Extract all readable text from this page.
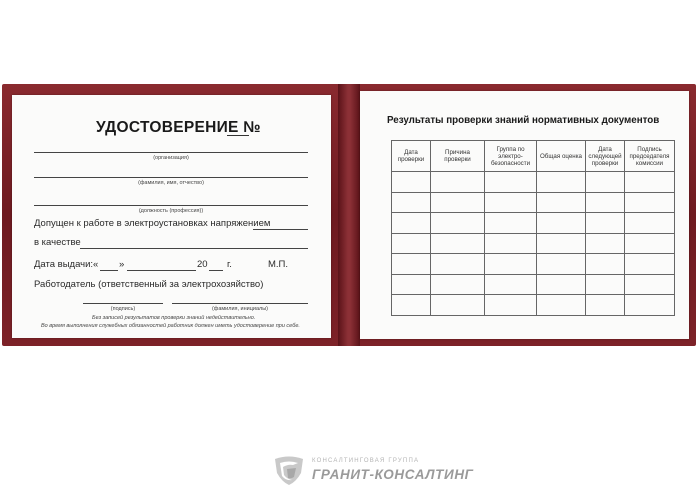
УДОСТОВЕРЕНИЕ №
(организация)
(фамилия, имя, отчество)
(должность (профессия))
Допущен к работе в электроустановках напряжением
в качестве
Дата выдачи: « »	20 г.	М.П.
Работодатель (ответственный за электрохозяйство)
(подпись)	(фамилия, инициалы)
Без записей результатов проверки знаний недействительно.
Во время выполнения служебных обязанностей работник должен иметь удостоверение при себе.
Результаты проверки знаний нормативных документов
Дата проверки	Причина проверки	Группа по электро-безопасности	Общая оценка	Дата следующей проверки	Подпись председателя комиссии

КОНСАЛТИНГОВАЯ ГРУППА
ГРАНИТ-КОНСАЛТИНГ
